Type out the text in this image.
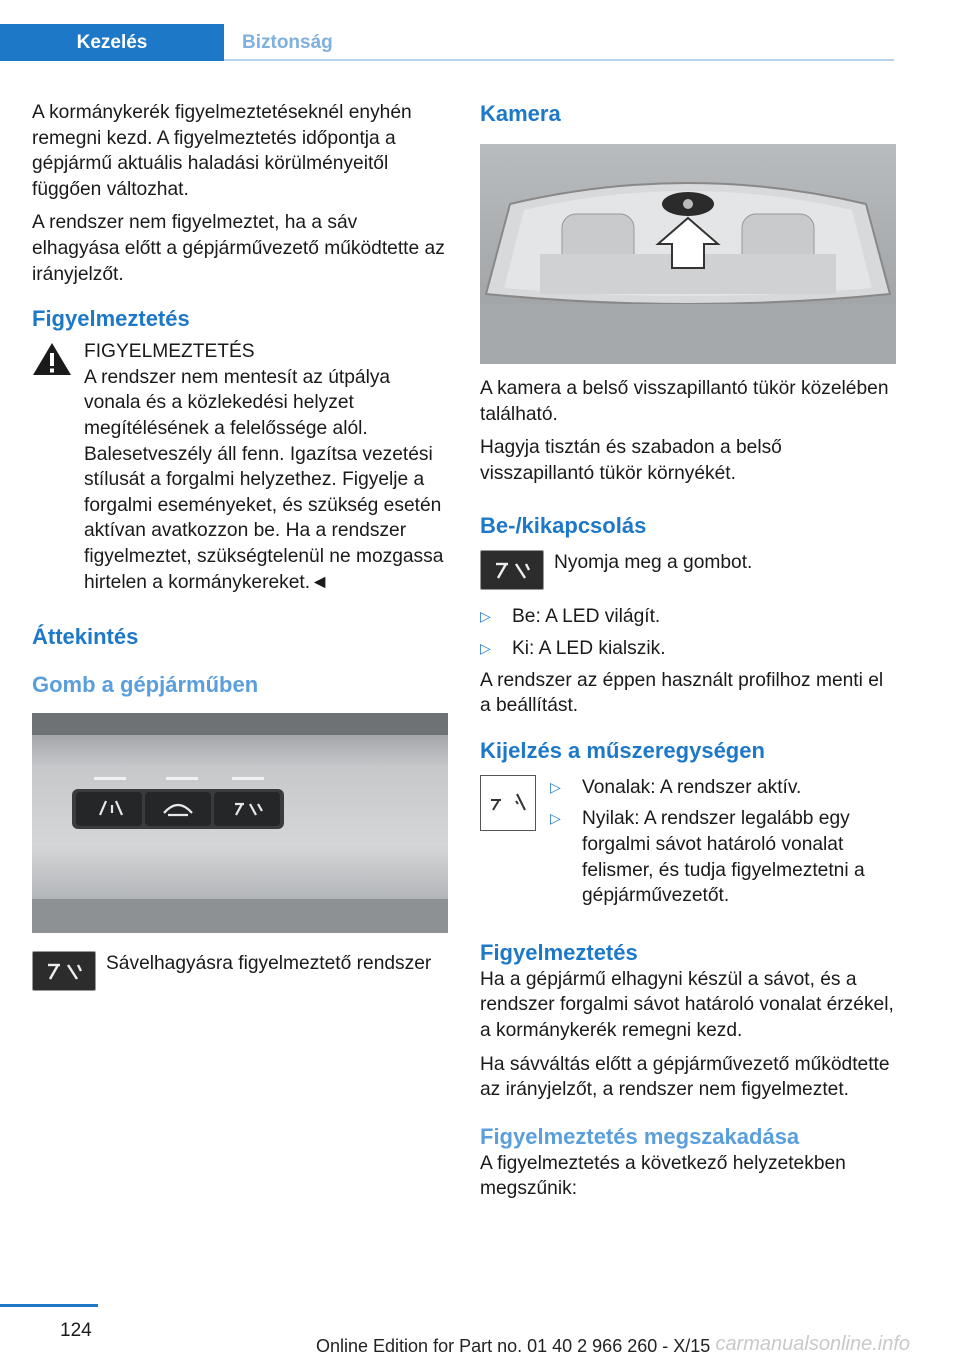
Kezelés	Biztonság

A kormánykerék figyelmeztetéseknél enyhén remegni kezd. A figyelmeztetés időpontja a gépjármű aktuális haladási körülményeitől függően változhat.

A rendszer nem figyelmeztet, ha a sáv elhagyása előtt a gépjárművezető működtette az irányjelzőt.

Figyelmeztetés
FIGYELMEZTETÉS
A rendszer nem mentesít az útpálya vonala és a közlekedési helyzet megítélésének a felelőssége alól. Balesetveszély áll fenn. Igazítsa vezetési stílusát a forgalmi helyzethez. Figyelje a forgalmi eseményeket, és szükség esetén aktívan avatkozzon be. Ha a rendszer figyelmeztet, szükségtelenül ne mozgassa hirtelen a kormánykereket.◄
Áttekintés
Gomb a gépjárműben
Sávelhagyásra figyelmeztető rendszer
Kamera

A kamera a belső visszapillantó tükör közelében található.

Hagyja tisztán és szabadon a belső visszapillantó tükör környékét.

Be-/kikapcsolás
Nyomja meg a gombot.
▷ Be: A LED világít.
▷ Ki: A LED kialszik.

A rendszer az éppen használt profilhoz menti el a beállítást.

Kijelzés a műszeregységen
▷ Vonalak: A rendszer aktív.
▷ Nyilak: A rendszer legalább egy forgalmi sávot határoló vonalat felismer, és tudja figyelmeztetni a gépjárművezetőt.
Figyelmeztetés

Ha a gépjármű elhagyni készül a sávot, és a rendszer forgalmi sávot határoló vonalat érzékel, a kormánykerék remegni kezd.

Ha sávváltás előtt a gépjárművezető működtette az irányjelzőt, a rendszer nem figyelmeztet.

Figyelmeztetés megszakadása

A figyelmeztetés a következő helyzetekben megszűnik:

124
Online Edition for Part no. 01 40 2 966 260 - X/15 carmanualsonline.info
